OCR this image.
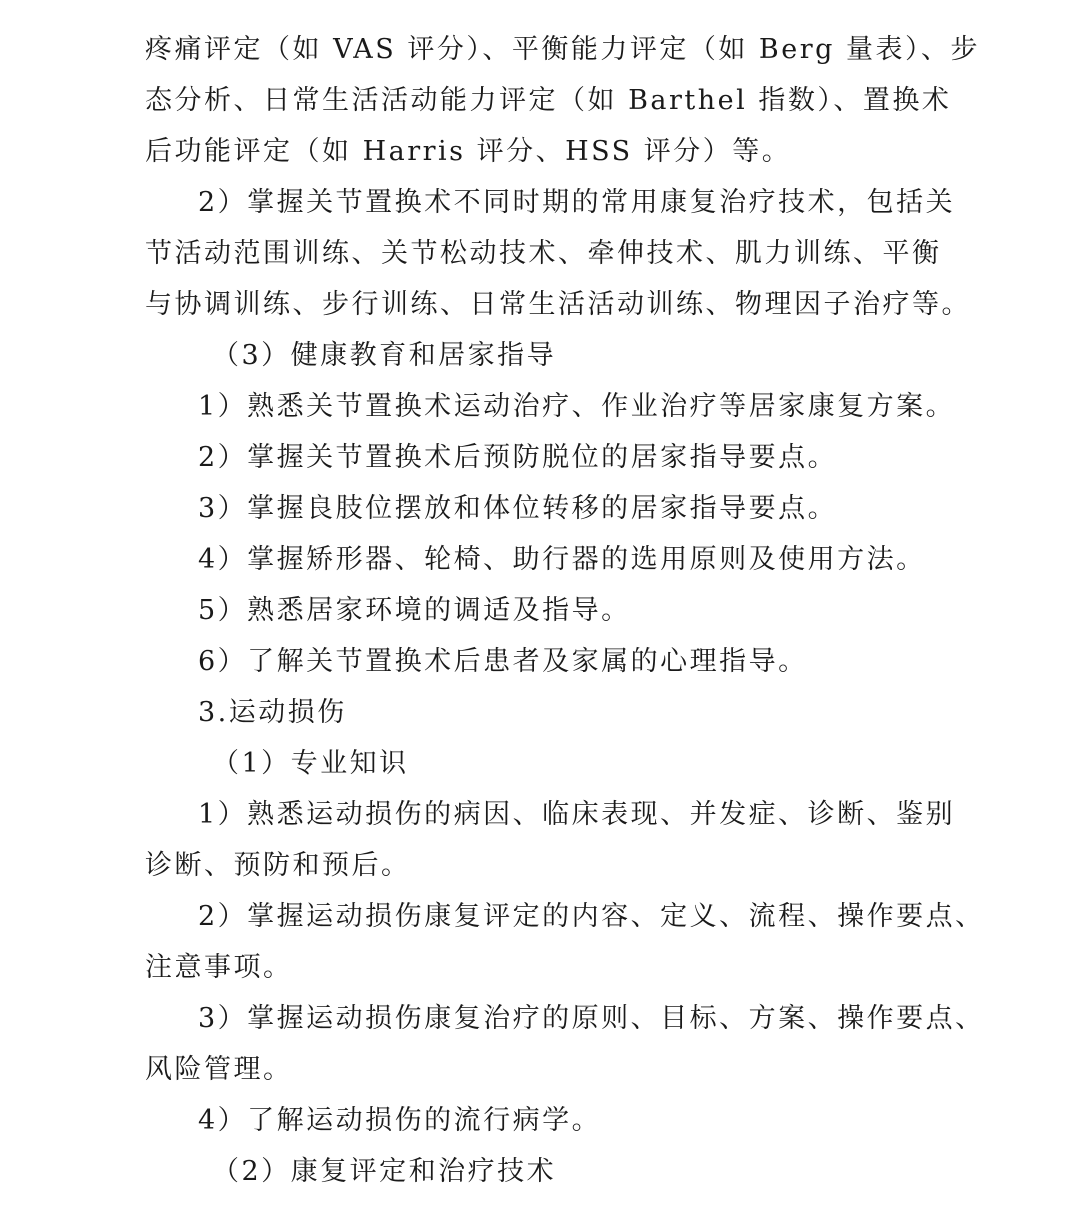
疼痛评定（如 VAS 评分）、平衡能力评定（如 Berg 量表）、步
态分析、日常生活活动能力评定（如 Barthel 指数）、置换术
后功能评定（如 Harris 评分、HSS 评分）等。
2）掌握关节置换术不同时期的常用康复治疗技术，包括关
节活动范围训练、关节松动技术、牵伸技术、肌力训练、平衡
与协调训练、步行训练、日常生活活动训练、物理因子治疗等。
（3）健康教育和居家指导
1）熟悉关节置换术运动治疗、作业治疗等居家康复方案。
2）掌握关节置换术后预防脱位的居家指导要点。
3）掌握良肢位摆放和体位转移的居家指导要点。
4）掌握矫形器、轮椅、助行器的选用原则及使用方法。
5）熟悉居家环境的调适及指导。
6）了解关节置换术后患者及家属的心理指导。
3.运动损伤
（1）专业知识
1）熟悉运动损伤的病因、临床表现、并发症、诊断、鉴别
诊断、预防和预后。
2）掌握运动损伤康复评定的内容、定义、流程、操作要点、
注意事项。
3）掌握运动损伤康复治疗的原则、目标、方案、操作要点、
风险管理。
4）了解运动损伤的流行病学。
（2）康复评定和治疗技术
